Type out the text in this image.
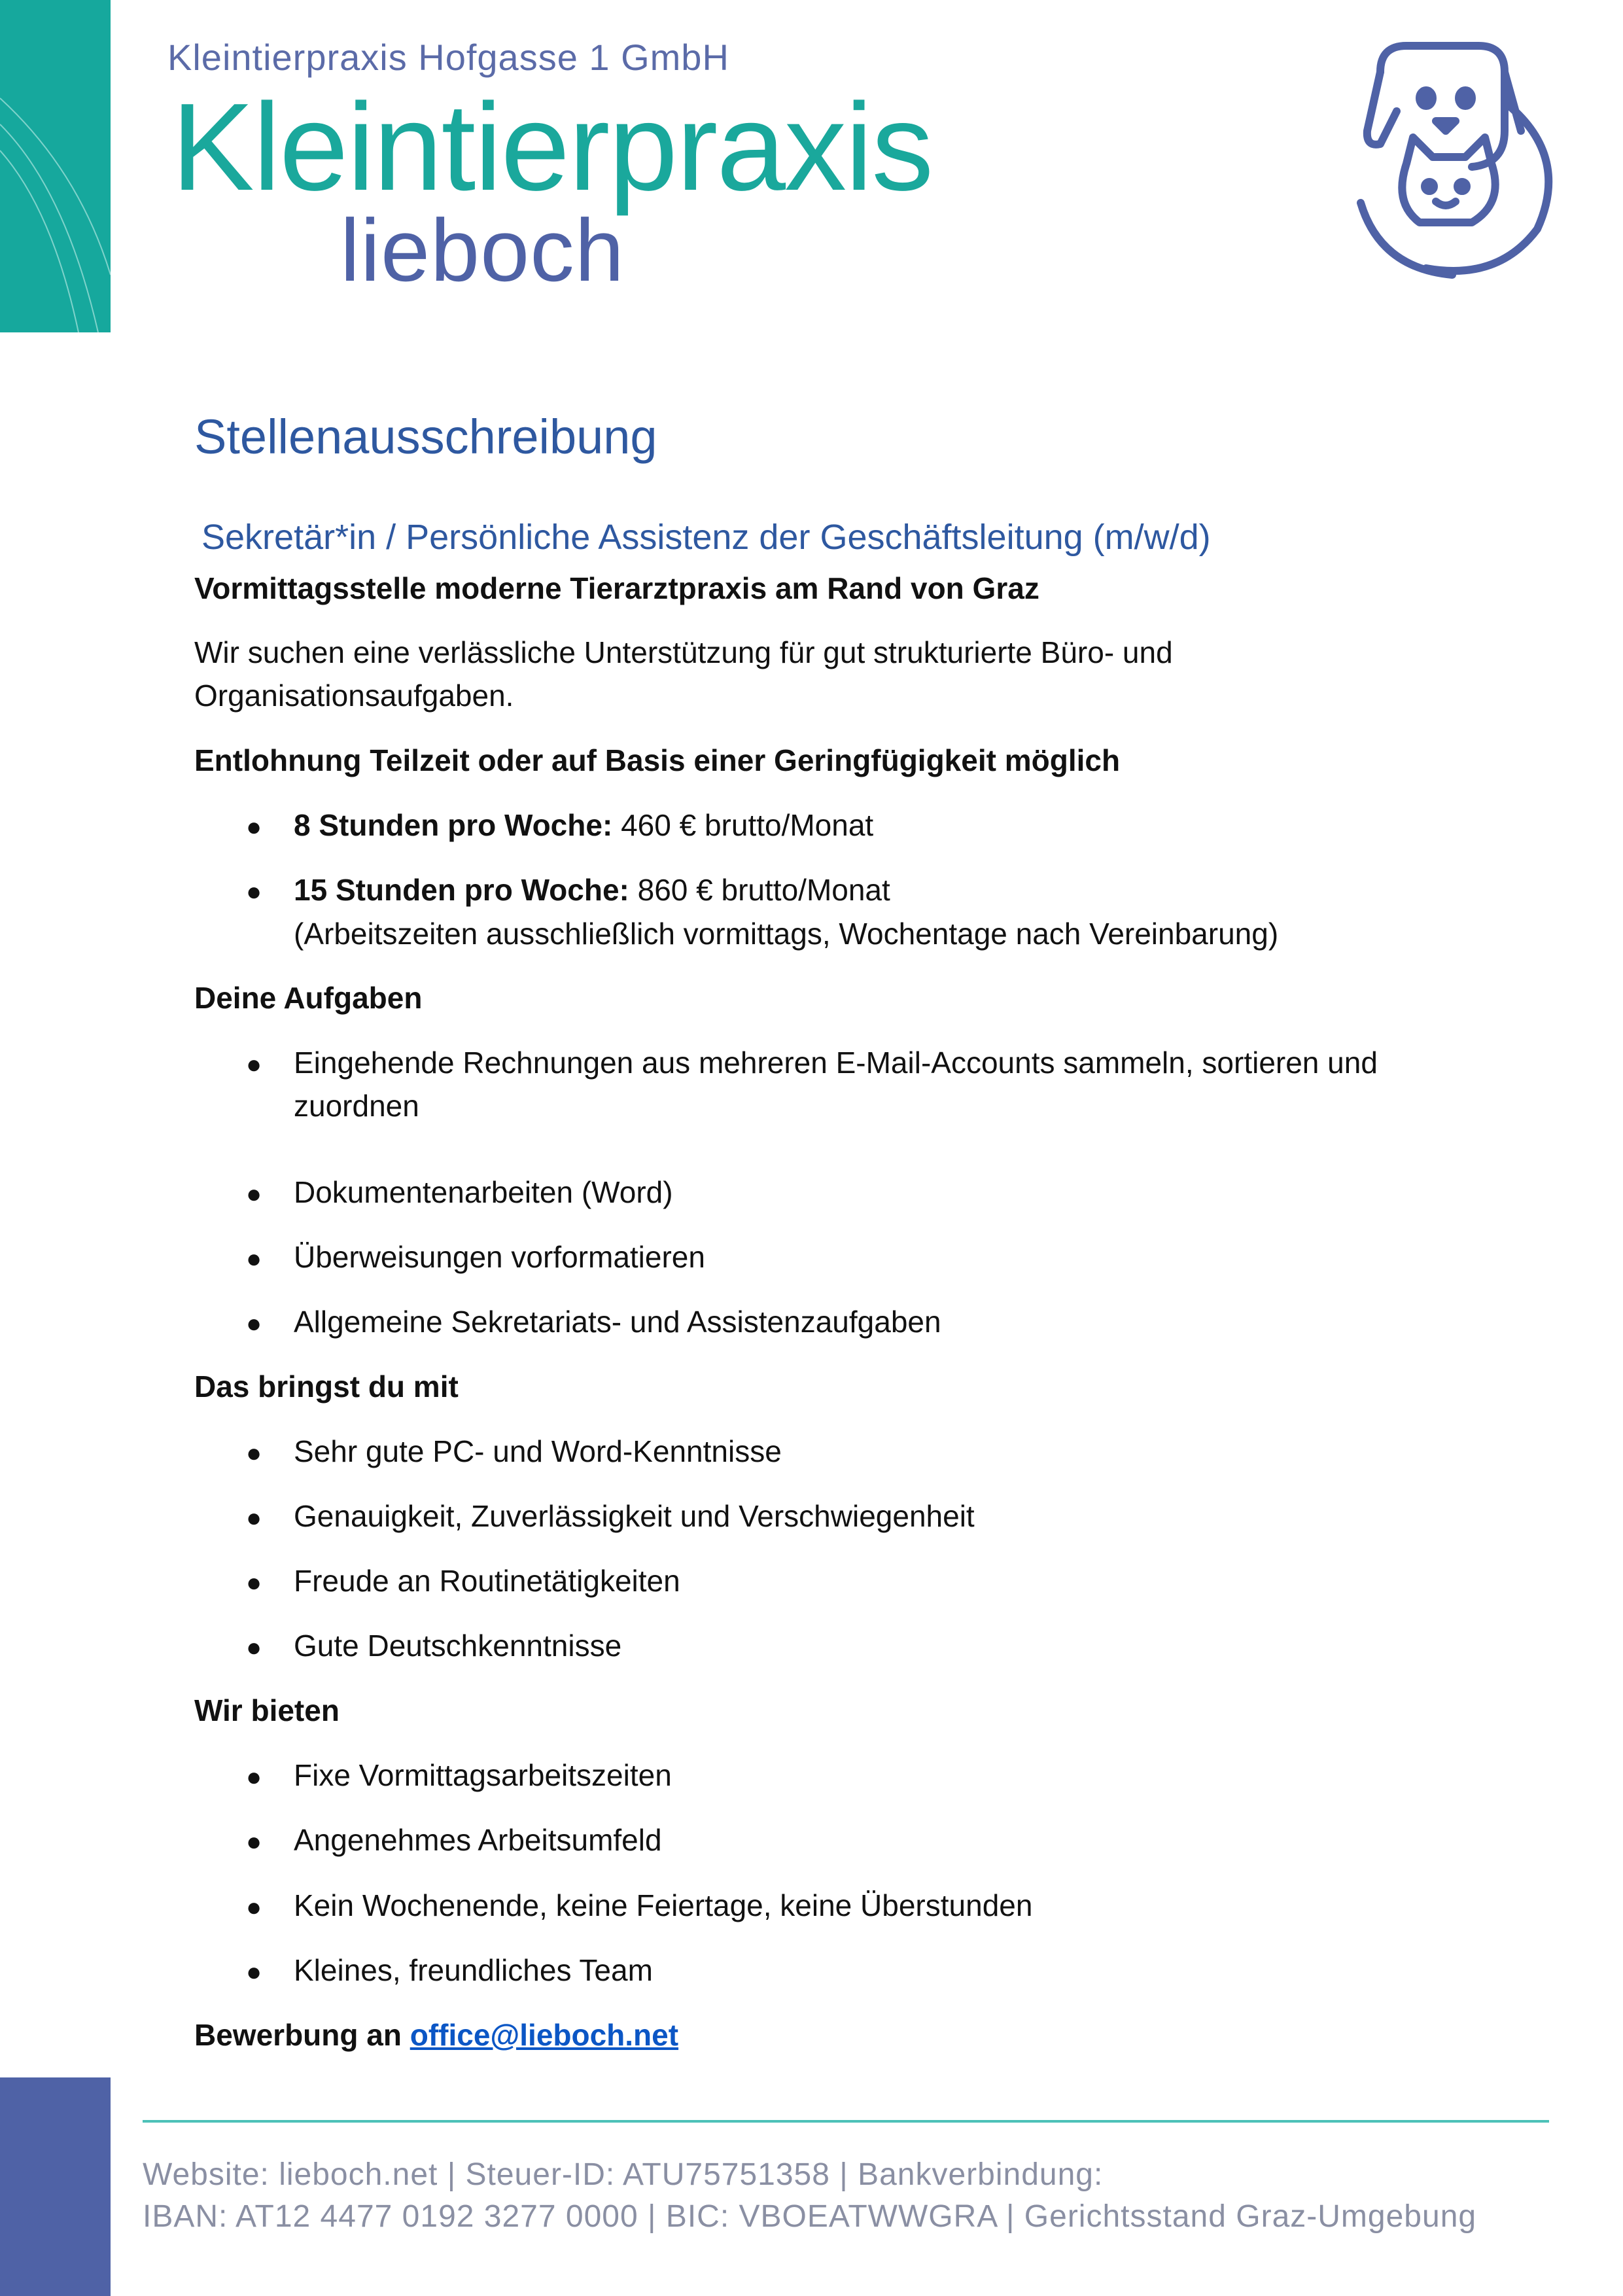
Kleintierpraxis Hofgasse 1 GmbH
Kleintierpraxis
lieboch
Stellenausschreibung
Sekretär*in / Persönliche Assistenz der Geschäftsleitung (m/w/d)
Vormittagsstelle moderne Tierarztpraxis am Rand von Graz
Wir suchen eine verlässliche Unterstützung für gut strukturierte Büro- und
Organisationsaufgaben.
Entlohnung Teilzeit oder auf Basis einer Geringfügigkeit möglich
● 8 Stunden pro Woche: 460 € brutto/Monat
● 15 Stunden pro Woche: 860 € brutto/Monat
(Arbeitszeiten ausschließlich vormittags, Wochentage nach Vereinbarung)
Deine Aufgaben
● Eingehende Rechnungen aus mehreren E-Mail-Accounts sammeln, sortieren und
zuordnen
● Dokumentenarbeiten (Word)
● Überweisungen vorformatieren
● Allgemeine Sekretariats- und Assistenzaufgaben
Das bringst du mit
● Sehr gute PC- und Word-Kenntnisse
● Genauigkeit, Zuverlässigkeit und Verschwiegenheit
● Freude an Routinetätigkeiten
● Gute Deutschkenntnisse
Wir bieten
● Fixe Vormittagsarbeitszeiten
● Angenehmes Arbeitsumfeld
● Kein Wochenende, keine Feiertage, keine Überstunden
● Kleines, freundliches Team
Bewerbung an office@lieboch.net
Website: lieboch.net | Steuer-ID: ATU75751358 | Bankverbindung:
IBAN: AT12 4477 0192 3277 0000 | BIC: VBOEATWWGRA | Gerichtsstand Graz-Umgebung
